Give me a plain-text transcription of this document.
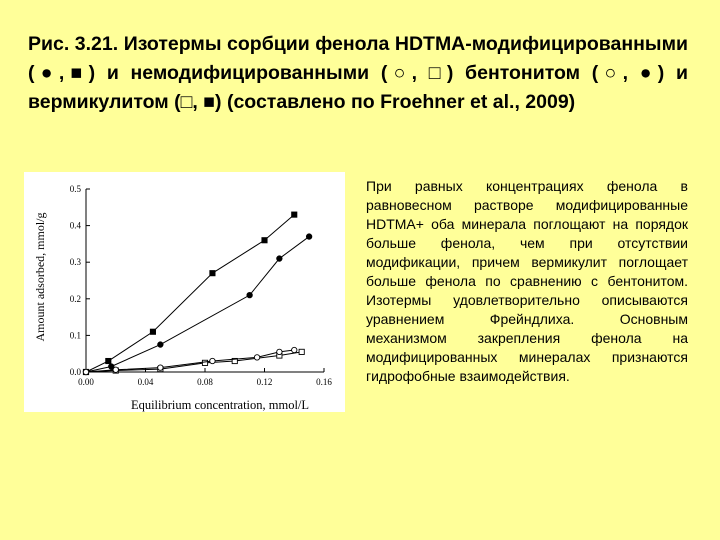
Рис. 3.21. Изотермы сорбции фенола HDTMA-модифицированными (●,■) и немодифицированными (○, □) бентонитом (○, ●) и вермикулитом (□, ■) (составлено по Froehner et al., 2009)
0.00	0.04	0.08	0.12	0.16
0.0
0.1
0.2
0.3
0.4
0.5
Equilibrium concentration, mmol/L
Amount adsorbed, mmol/g
При равных концентрациях фенола в равновесном растворе модифицированные HDTMA+ оба минерала поглощают на порядок больше фенола, чем при отсутствии модификации, причем вермикулит поглощает больше фенола по сравнению с бентонитом. Изотермы удовлетворительно описываются уравнением Фрейндлиха. Основным механизмом закрепления фенола на модифицированных минералах признаются гидрофобные взаимодействия.
